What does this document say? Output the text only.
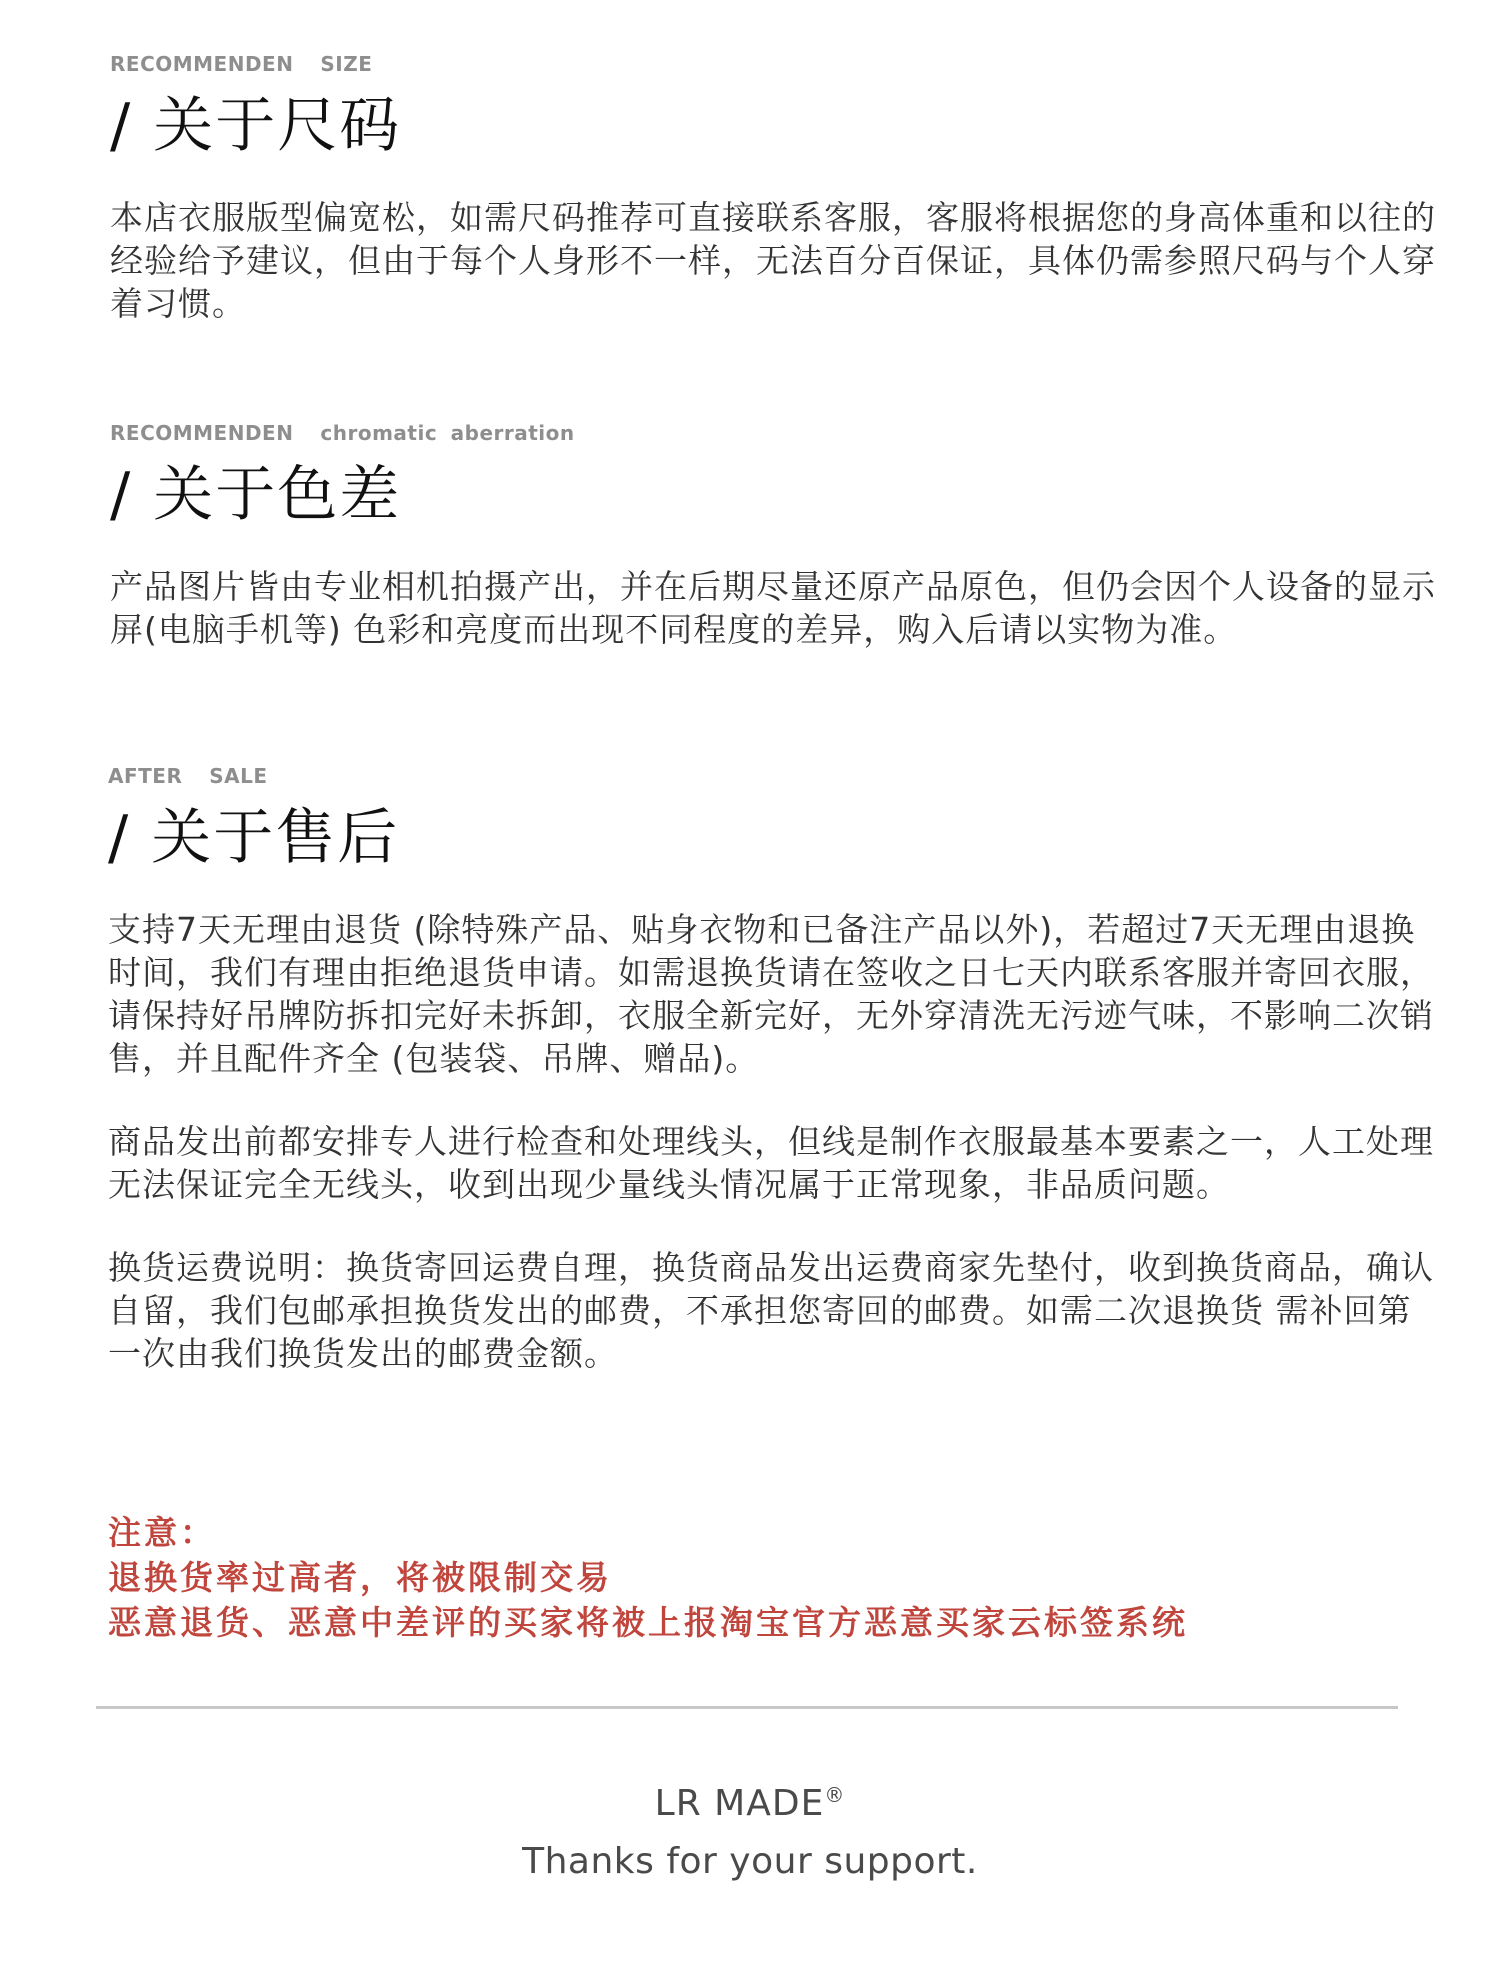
RECOMMENDEN  SIZE
/ 关于尺码

本店衣服版型偏宽松，如需尺码推荐可直接联系客服，客服将根据您的身高体重和以往的经验给予建议，但由于每个人身形不一样，无法百分百保证，具体仍需参照尺码与个人穿着习惯。

RECOMMENDEN  chromatic aberration
/ 关于色差

产品图片皆由专业相机拍摄产出，并在后期尽量还原产品原色，但仍会因个人设备的显示屏(电脑手机等) 色彩和亮度而出现不同程度的差异，购入后请以实物为准。

AFTER  SALE
/ 关于售后

支持7天无理由退货 (除特殊产品、贴身衣物和已备注产品以外)，若超过7天无理由退换时间，我们有理由拒绝退货申请。如需退换货请在签收之日七天内联系客服并寄回衣服，请保持好吊牌防拆扣完好未拆卸，衣服全新完好，无外穿清洗无污迹气味，不影响二次销售，并且配件齐全 (包装袋、吊牌、赠品)。

商品发出前都安排专人进行检查和处理线头，但线是制作衣服最基本要素之一，人工处理无法保证完全无线头，收到出现少量线头情况属于正常现象，非品质问题。

换货运费说明：换货寄回运费自理，换货商品发出运费商家先垫付，收到换货商品，确认自留，我们包邮承担换货发出的邮费，不承担您寄回的邮费。如需二次退换货 需补回第一次由我们换货发出的邮费金额。

注意：
退换货率过高者，将被限制交易
恶意退货、恶意中差评的买家将被上报淘宝官方恶意买家云标签系统
LR MADE®
Thanks for your support.
